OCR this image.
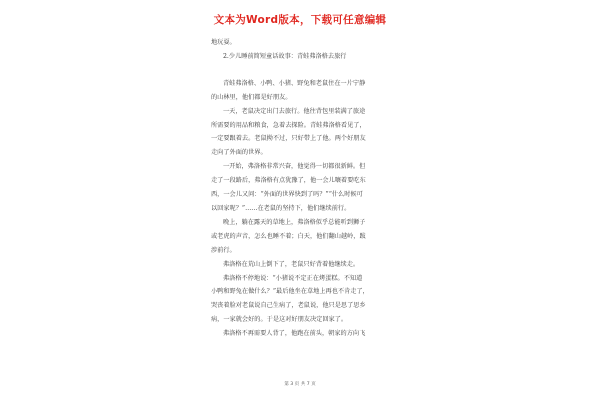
文本为Word版本，下载可任意编辑

地玩耍。

2.少儿睡前简短童话故事：青蛙弗洛格去旅行

青蛙弗洛格、小鸭、小猪、野兔和老鼠住在一片宁静

的山林里，他们都是好朋友。

一天，老鼠决定出门去旅行。他往背包里装满了旅途

所需要的用品和粮食，急着去探险。青蛙弗洛格看见了，

一定要跟着去。老鼠拗不过，只好带上了他。两个好朋友

走向了外面的世界。

一开始，弗洛格非常兴奋，他觉得一切都很新鲜。但

走了一段路后，弗洛格有点犹豫了，他一会儿嚷着要吃东

西，一会儿又问：“外面的世界快到了吗？”“什么时候可

以回家呢？”……在老鼠的坚持下，他们继续前行。

晚上，躺在露天的草地上，弗洛格似乎总能听到狮子

或老虎的声音，怎么也睡不着；白天，他们翻山越岭，跋

涉前行。

弗洛格在荒山上倒下了，老鼠只好背着他继续走。

弗洛格不停地说：“小猪说不定正在烤蛋糕。不知道

小鸭和野兔在做什么？”最后他坐在草地上再也不肯走了，

哭丧着脸对老鼠说自己生病了，老鼠说，他只是思了思乡

病，一家就会好的。于是这对好朋友决定回家了。

弗洛格不再需要人背了，他跑在前头，朝家的方向飞

第 3 页 共 7 页
